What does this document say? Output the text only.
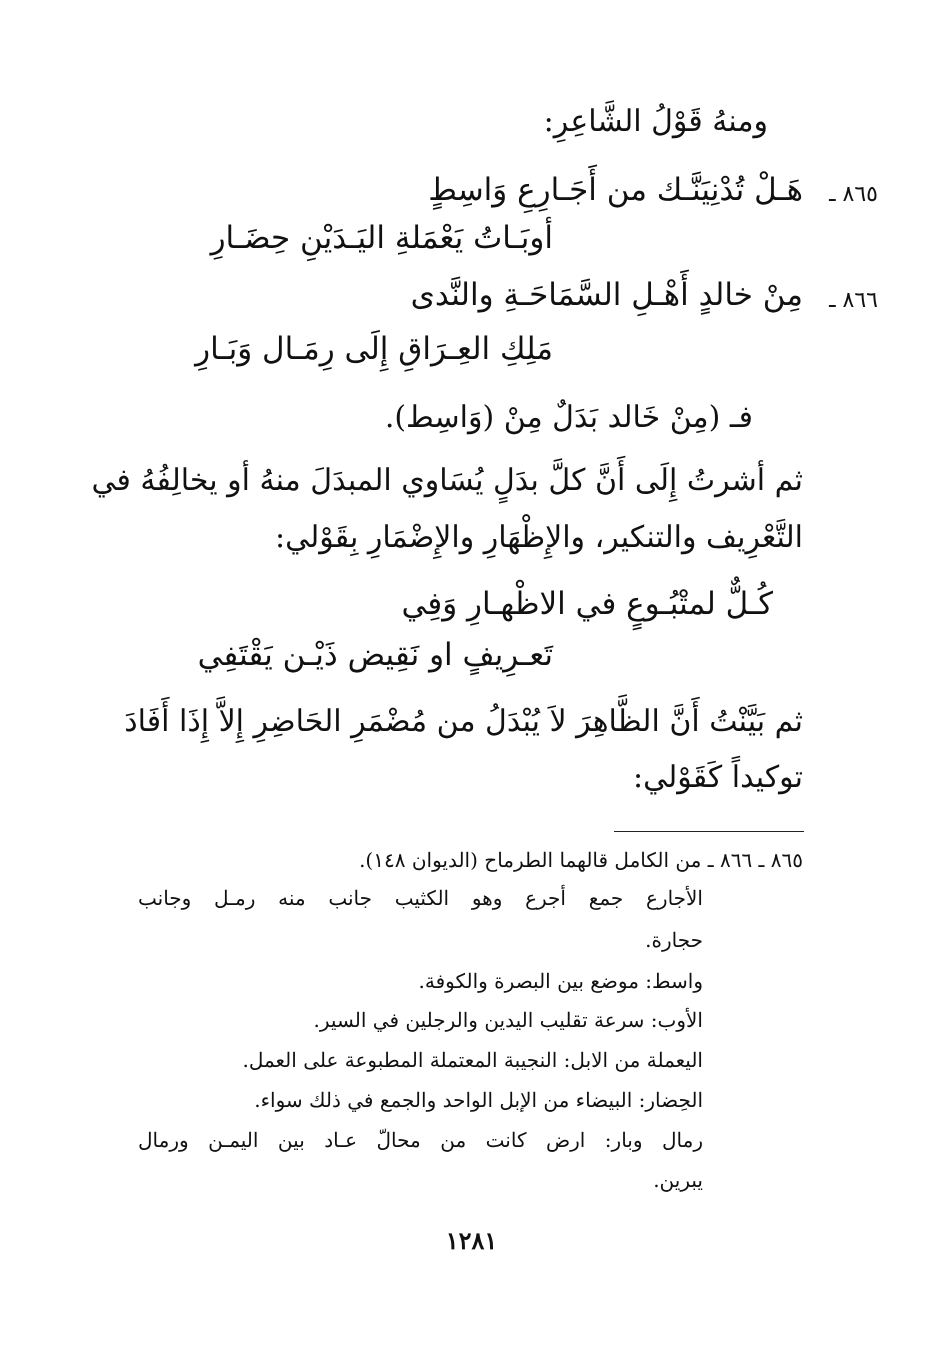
ومنهُ قَوْلُ الشَّاعِرِ:
٨٦٥ ـ
هَـلْ تُدْنِيَنَّـك من أَجَـارِعِ وَاسِطٍ
أوبَـاتُ يَعْمَلةِ اليَـدَيْنِ حِضَـارِ
٨٦٦ ـ
مِنْ خالدٍ أَهْـلِ السَّمَاحَـةِ والنَّدى
مَلِكِ العِـرَاقِ إِلَى رِمَـال وَبَـارِ
فـ (مِنْ خَالد بَدَلٌ مِنْ (وَاسِط).
ثم أشرتُ إِلَى أَنَّ كلَّ بدَلٍ يُسَاوي المبدَلَ منهُ أو يخالِفُهُ في
التَّعْرِيف والتنكير، والإِظْهَارِ والإِضْمَارِ بِقَوْلي:
كُـلٌّ لمتْبُـوعٍ في الاظْهـارِ وَفِي
تَعـرِيفٍ او نَقِيض ذَيْـن يَقْتَفِي
ثم بَيَّنْتُ أَنَّ الظَّاهِرَ لاَ يُبْدَلُ من مُضْمَرِ الحَاضِرِ إِلاَّ إِذَا أَفَادَ
توكيداً كَقَوْلي:
٨٦٥ ـ ٨٦٦ ـ من الكامل قالهما الطرماح (الديوان ١٤٨).
الأجارع جمع أجرع وهو الكثيب جانب منه رمـل وجانب
حجارة.
واسط: موضع بين البصرة والكوفة.
الأوب: سرعة تقليب اليدين والرجلين في السير.
اليعملة من الابل: النجيبة المعتملة المطبوعة على العمل.
الحِضار: البيضاء من الإبل الواحد والجمع في ذلك سواء.
رمال وبار: ارض كانت من محالّ عـاد بين اليمـن ورمال
يبرين.
١٢٨١
